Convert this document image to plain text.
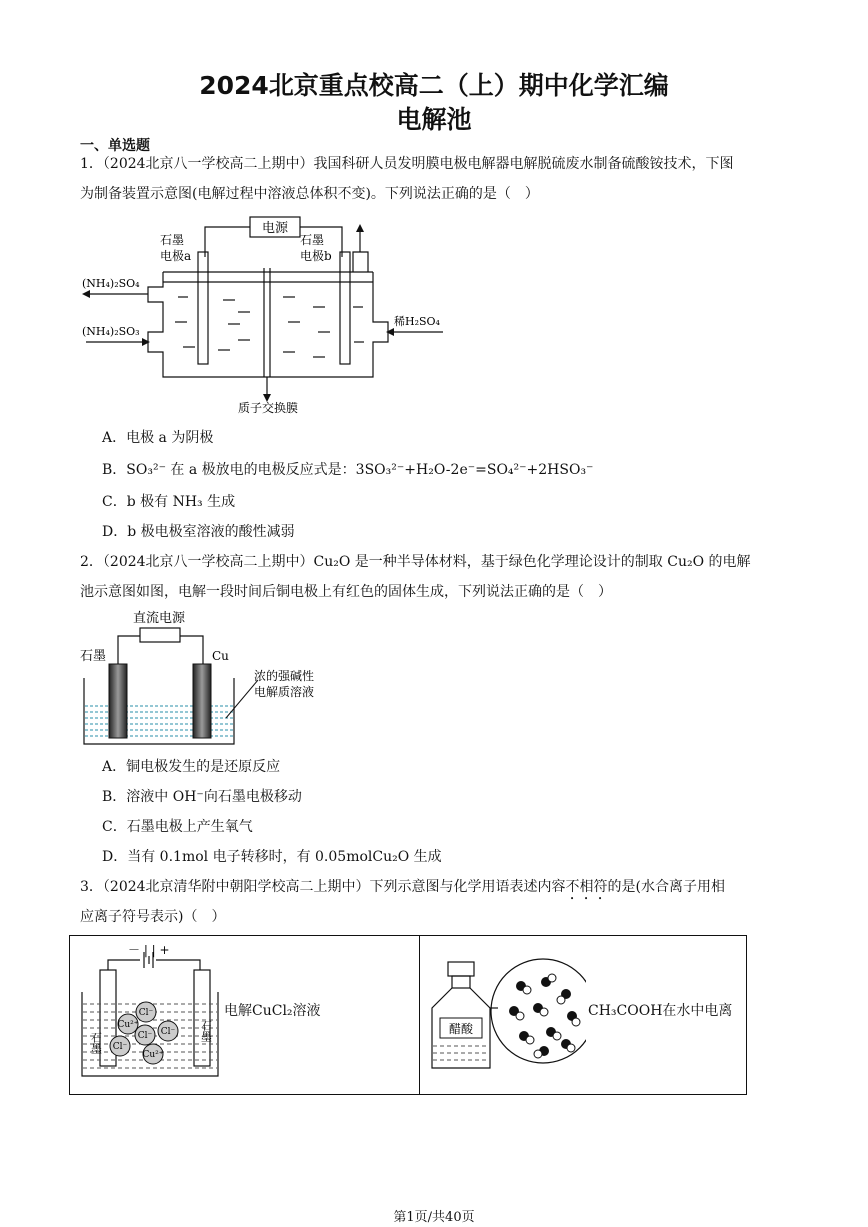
2024北京重点校高二（上）期中化学汇编
电解池
一、单选题
1．（2024北京八一学校高二上期中）我国科研人员发明膜电极电解器电解脱硫废水制备硫酸铵技术，下图
为制备装置示意图(电解过程中溶液总体积不变)。下列说法正确的是（　）
电源
石墨
电极a
石墨
电极b
(NH₄)₂SO₄
(NH₄)₂SO₃
稀H₂SO₄
质子交换膜
A．电极 a 为阴极
B．SO₃²⁻ 在 a 极放电的电极反应式是：3SO₃²⁻+H₂O-2e⁻=SO₄²⁻+2HSO₃⁻
C．b 极有 NH₃ 生成
D．b 极电极室溶液的酸性减弱
2．（2024北京八一学校高二上期中）Cu₂O 是一种半导体材料，基于绿色化学理论设计的制取 Cu₂O 的电解
池示意图如图，电解一段时间后铜电极上有红色的固体生成，下列说法正确的是（　）
直流电源
石墨	Cu
浓的强碱性
电解质溶液
A．铜电极发生的是还原反应
B．溶液中 OH⁻向石墨电极移动
C．石墨电极上产生氧气
D．当有 0.1mol 电子转移时，有 0.05molCu₂O 生成
3．（2024北京清华附中朝阳学校高二上期中）下列示意图与化学用语表述内容不相符的是(水合离子用相
应离子符号表示)（　）
－ | | +
Cu²⁺
Cl⁻
Cl⁻ Cl⁻
Cl⁻
Cu²⁺
石墨
石墨
电解CuCl₂溶液
醋酸
CH₃COOH在水中电离
第1页/共40页
